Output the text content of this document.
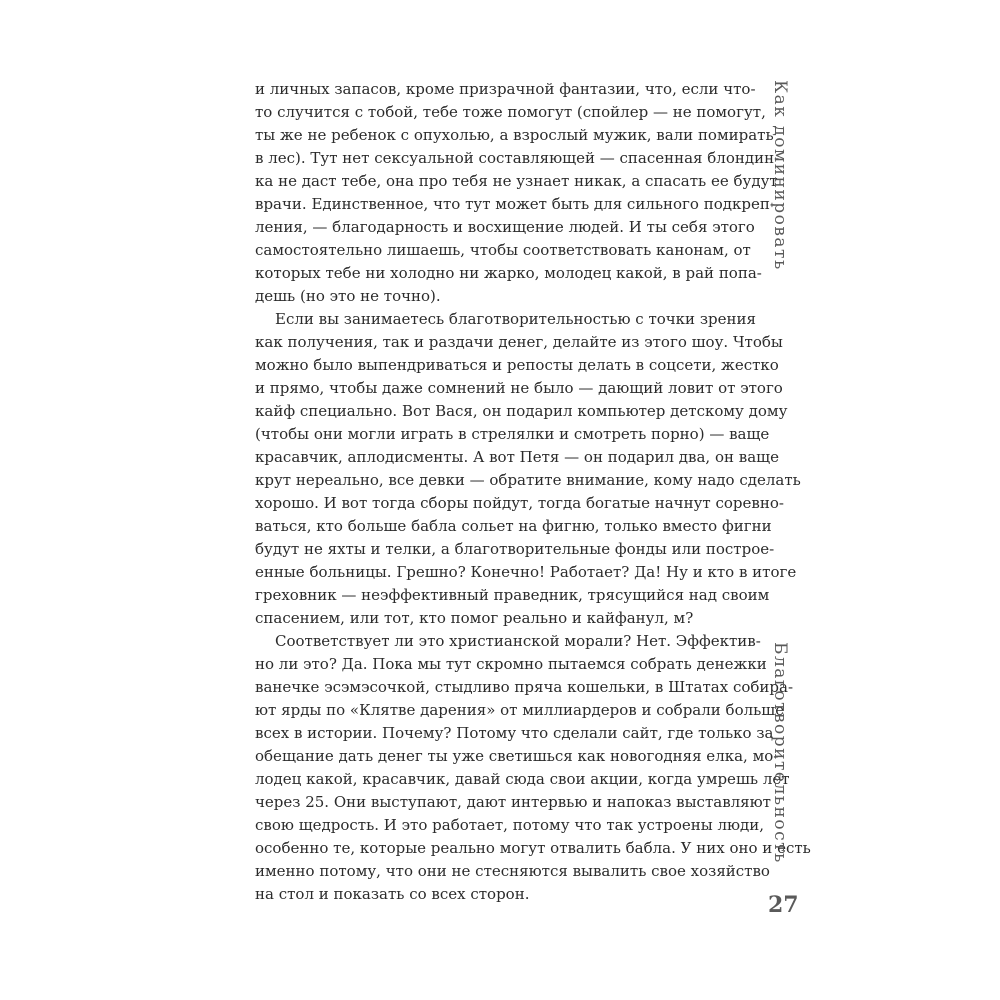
и личных запасов, кроме призрачной фантазии, что, если что-
то случится с тобой, тебе тоже помогут (спойлер — не помогут,
ты же не ребенок с опухолью, а взрослый мужик, вали помирать
в лес). Тут нет сексуальной составляющей — спасенная блондин-
ка не даст тебе, она про тебя не узнает никак, а спасать ее будут
врачи. Единственное, что тут может быть для сильного подкреп-
ления, — благодарность и восхищение людей. И ты себя этого
самостоятельно лишаешь, чтобы соответствовать канонам, от
которых тебе ни холодно ни жарко, молодец какой, в рай попа-
дешь (но это не точно).
Если вы занимаетесь благотворительностью с точки зрения
как получения, так и раздачи денег, делайте из этого шоу. Чтобы
можно было выпендриваться и репосты делать в соцсети, жестко
и прямо, чтобы даже сомнений не было — дающий ловит от этого
кайф специально. Вот Вася, он подарил компьютер детскому дому
(чтобы они могли играть в стрелялки и смотреть порно) — ваще
красавчик, аплодисменты. А вот Петя — он подарил два, он ваще
крут нереально, все девки — обратите внимание, кому надо сделать
хорошо. И вот тогда сборы пойдут, тогда богатые начнут соревно-
ваться, кто больше бабла сольет на фигню, только вместо фигни
будут не яхты и телки, а благотворительные фонды или построе-
енные больницы. Грешно? Конечно! Работает? Да! Ну и кто в итоге
греховник — неэффективный праведник, трясущийся над своим
спасением, или тот, кто помог реально и кайфанул, м?
Соответствует ли это христианской морали? Нет. Эффектив-
но ли это? Да. Пока мы тут скромно пытаемся собрать денежки
ванечке эсэмэсочкой, стыдливо пряча кошельки, в Штатах собира-
ют ярды по «Клятве дарения» от миллиардеров и собрали больше
всех в истории. Почему? Потому что сделали сайт, где только за
обещание дать денег ты уже светишься как новогодняя елка, мо-
лодец какой, красавчик, давай сюда свои акции, когда умрешь лет
через 25. Они выступают, дают интервью и напоказ выставляют
свою щедрость. И это работает, потому что так устроены люди,
особенно те, которые реально могут отвалить бабла. У них оно и есть
именно потому, что они не стесняются вывалить свое хозяйство
на стол и показать со всех сторон.
Как доминировать
Благотворительность
27
